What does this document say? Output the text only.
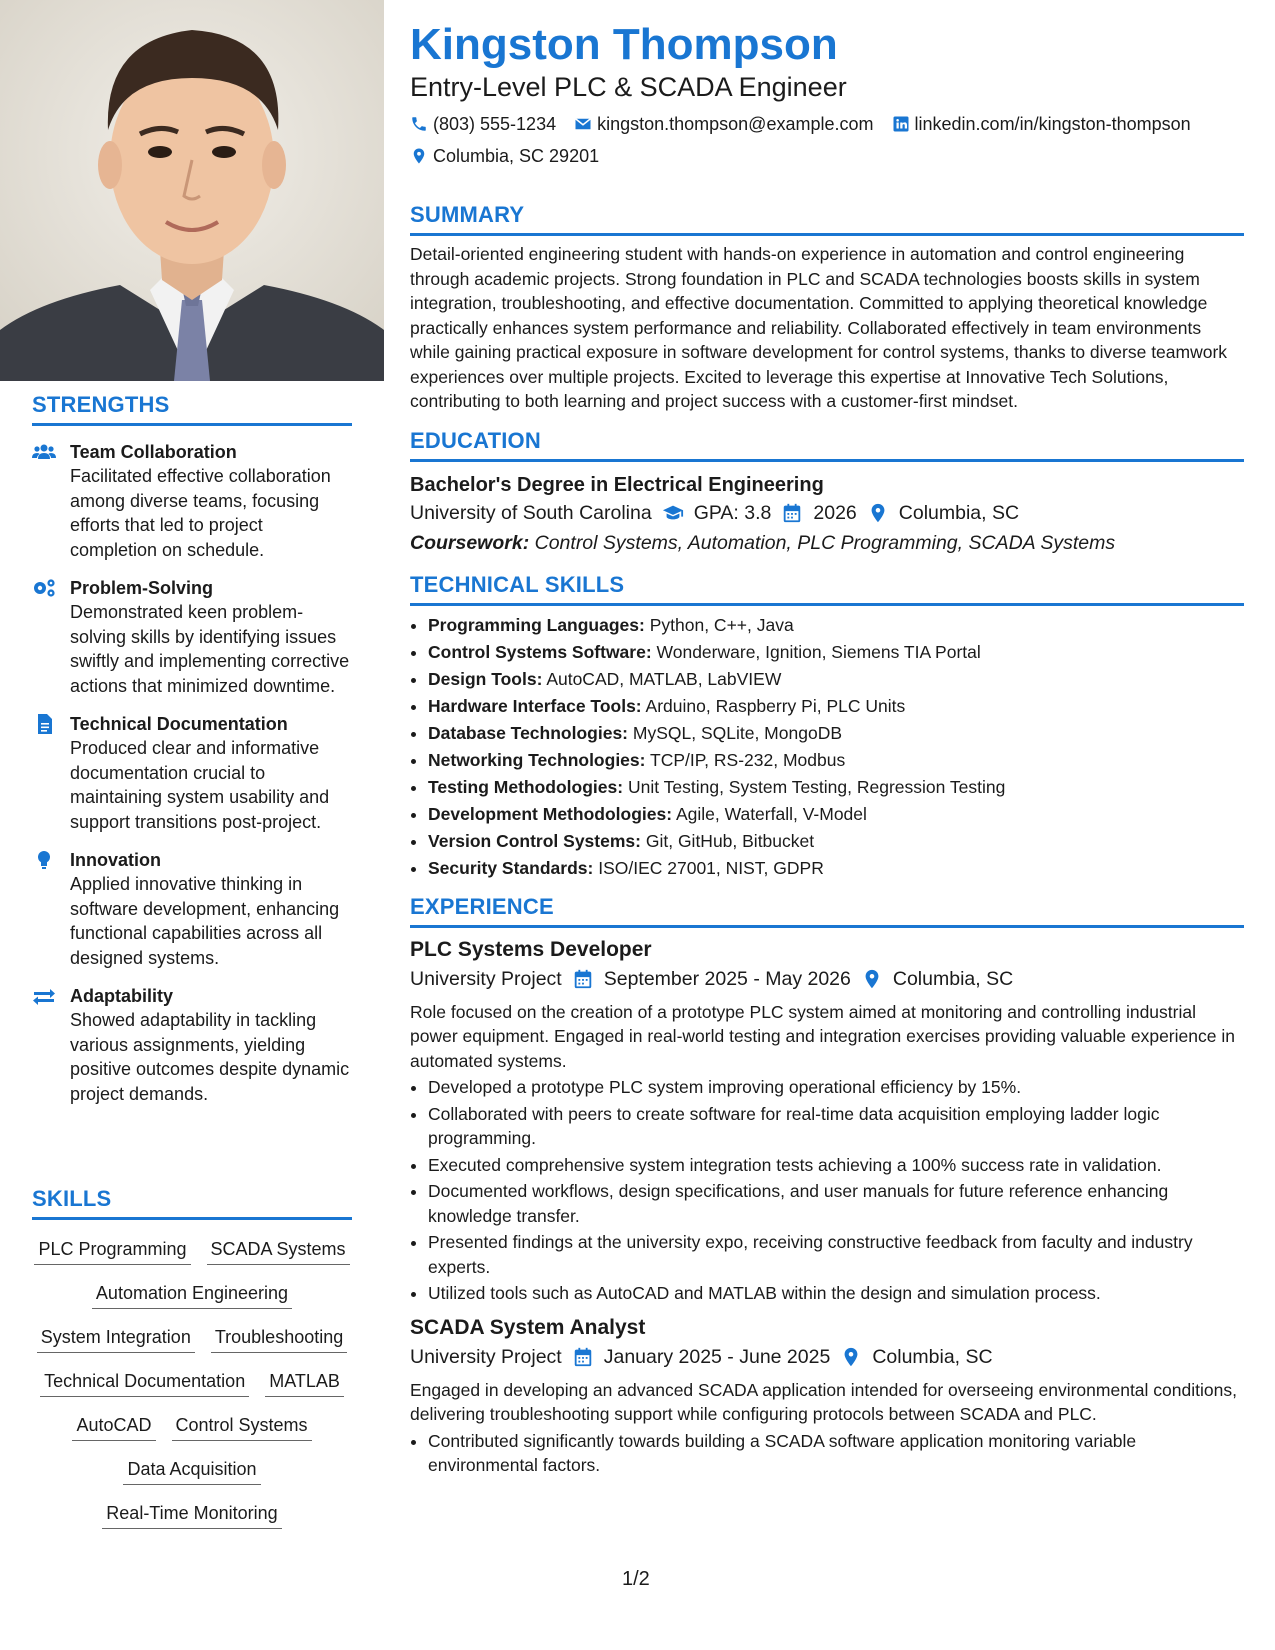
STRENGTHS
Team Collaboration
Facilitated effective collaboration among diverse teams, focusing efforts that led to project completion on schedule.
Problem-Solving
Demonstrated keen problem-solving skills by identifying issues swiftly and implementing corrective actions that minimized downtime.
Technical Documentation
Produced clear and informative documentation crucial to maintaining system usability and support transitions post-project.
Innovation
Applied innovative thinking in software development, enhancing functional capabilities across all designed systems.
Adaptability
Showed adaptability in tackling various assignments, yielding positive outcomes despite dynamic project demands.
SKILLS
PLC Programming SCADA Systems
Automation Engineering
System Integration Troubleshooting
Technical Documentation MATLAB
AutoCAD Control Systems
Data Acquisition
Real-Time Monitoring
Kingston Thompson
Entry-Level PLC & SCADA Engineer
(803) 555-1234 kingston.thompson@example.com linkedin.com/in/kingston-thompson
Columbia, SC 29201
SUMMARY

Detail-oriented engineering student with hands-on experience in automation and control engineering through academic projects. Strong foundation in PLC and SCADA technologies boosts skills in system integration, troubleshooting, and effective documentation. Committed to applying theoretical knowledge practically enhances system performance and reliability. Collaborated effectively in team environments while gaining practical exposure in software development for control systems, thanks to diverse teamwork experiences over multiple projects. Excited to leverage this expertise at Innovative Tech Solutions, contributing to both learning and project success with a customer-first mindset.

EDUCATION
Bachelor's Degree in Electrical Engineering
University of South Carolina GPA: 3.8 2026 Columbia, SC
Coursework: Control Systems, Automation, PLC Programming, SCADA Systems
TECHNICAL SKILLS
• Programming Languages: Python, C++, Java
• Control Systems Software: Wonderware, Ignition, Siemens TIA Portal
• Design Tools: AutoCAD, MATLAB, LabVIEW
• Hardware Interface Tools: Arduino, Raspberry Pi, PLC Units
• Database Technologies: MySQL, SQLite, MongoDB
• Networking Technologies: TCP/IP, RS-232, Modbus
• Testing Methodologies: Unit Testing, System Testing, Regression Testing
• Development Methodologies: Agile, Waterfall, V-Model
• Version Control Systems: Git, GitHub, Bitbucket
• Security Standards: ISO/IEC 27001, NIST, GDPR
EXPERIENCE
PLC Systems Developer
University Project September 2025 - May 2026 Columbia, SC

Role focused on the creation of a prototype PLC system aimed at monitoring and controlling industrial power equipment. Engaged in real-world testing and integration exercises providing valuable experience in automated systems.

• Developed a prototype PLC system improving operational efficiency by 15%.
• Collaborated with peers to create software for real-time data acquisition employing ladder logic programming.
• Executed comprehensive system integration tests achieving a 100% success rate in validation.
• Documented workflows, design specifications, and user manuals for future reference enhancing knowledge transfer.
• Presented findings at the university expo, receiving constructive feedback from faculty and industry experts.
• Utilized tools such as AutoCAD and MATLAB within the design and simulation process.
SCADA System Analyst
University Project January 2025 - June 2025 Columbia, SC

Engaged in developing an advanced SCADA application intended for overseeing environmental conditions, delivering troubleshooting support while configuring protocols between SCADA and PLC.

• Contributed significantly towards building a SCADA software application monitoring variable environmental factors.
1/2
